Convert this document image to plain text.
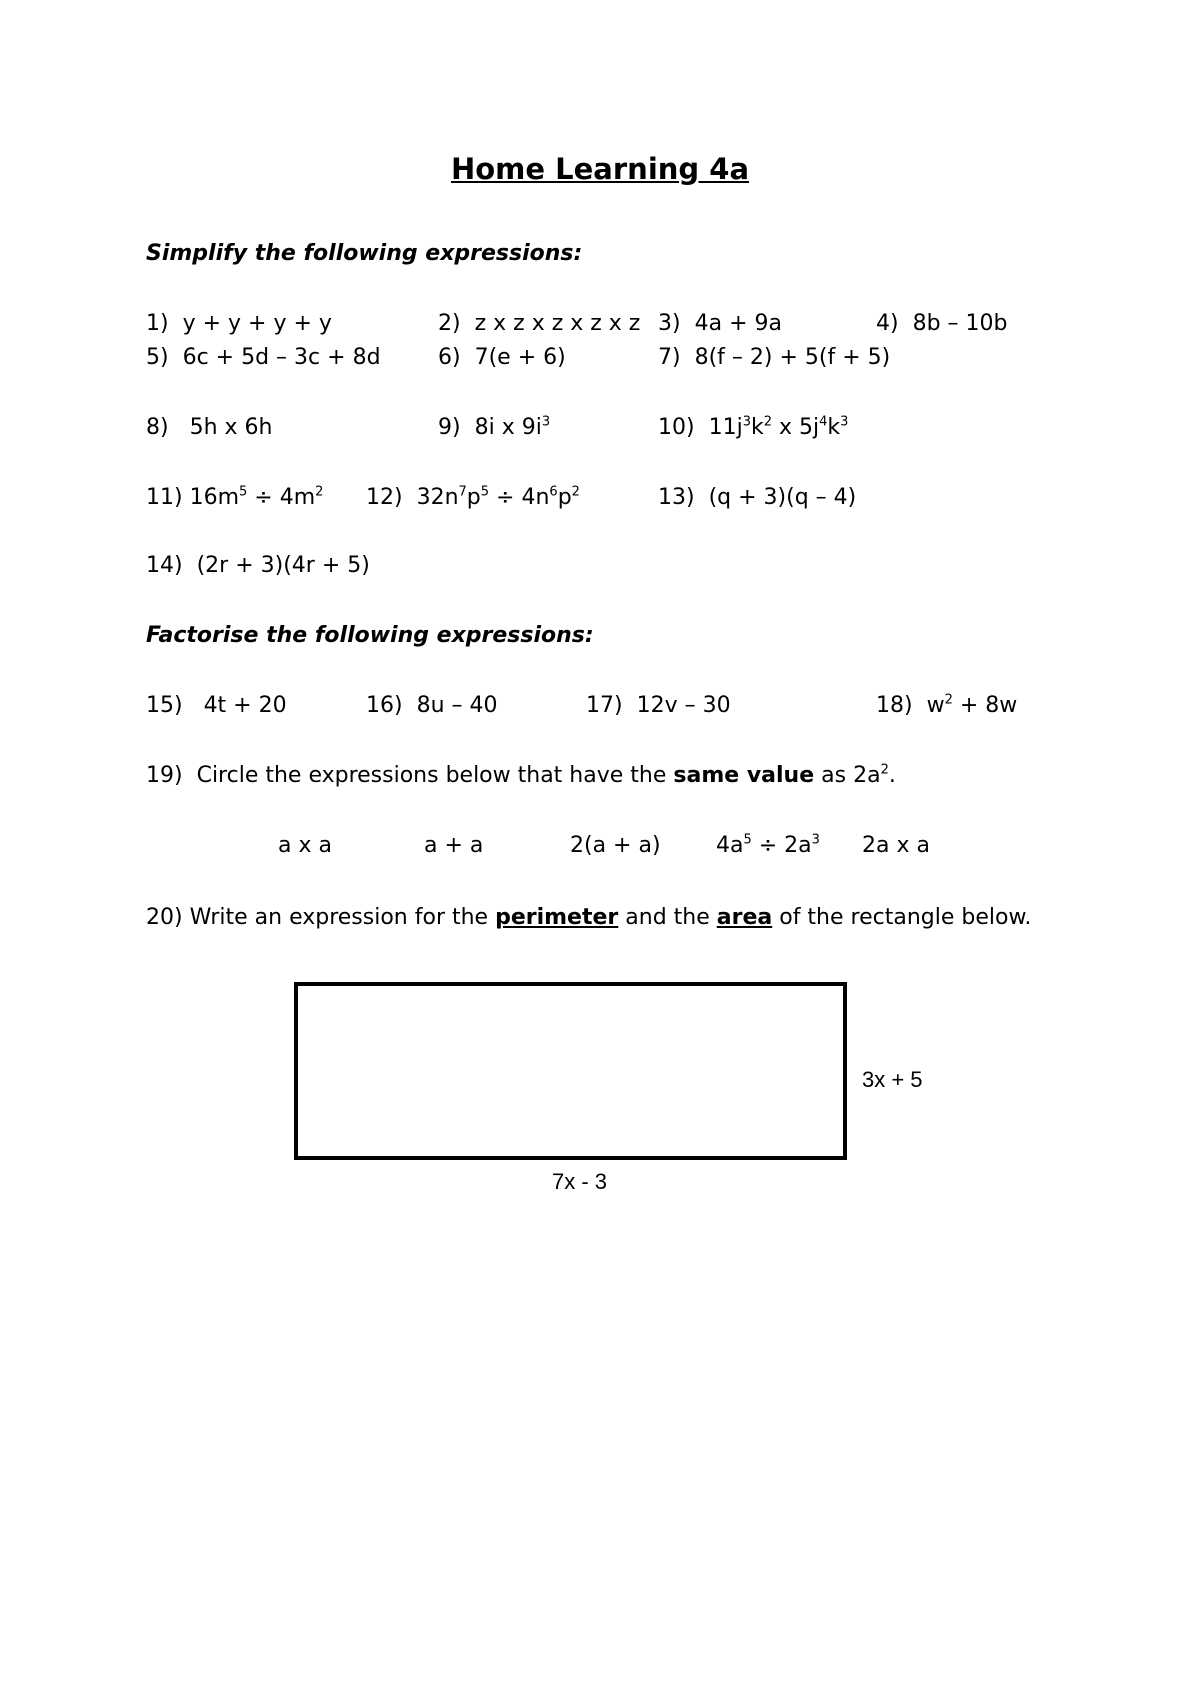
Home Learning 4a
Simplify the following expressions:
1) y + y + y + y	2) z x z x z x z x z 3) 4a + 9a	4) 8b – 10b
5) 6c + 5d – 3c + 8d	6) 7(e + 6)	7) 8(f – 2) + 5(f + 5)
8) 5h x 6h	9) 8i x $9i^3$	10) $11j^3k^2$ x $5j^4k^3$
11) $16m^5 \div 4m^2$ 12) $32n^7p^5 \div 4n^6p^2$	13) (q + 3)(q – 4)
14) (2r + 3)(4r + 5)
Factorise the following expressions:
15) 4t + 20	16) 8u – 40	17) 12v – 30	18) $w^2 + 8w$
19) Circle the expressions below that have the same value as $2a^2$.
a x a	a + a	2(a + a)	$4a^5 \div 2a^3$ 2a x a
20) Write an expression for the perimeter and the area of the rectangle below.
3x + 5
7x - 3
